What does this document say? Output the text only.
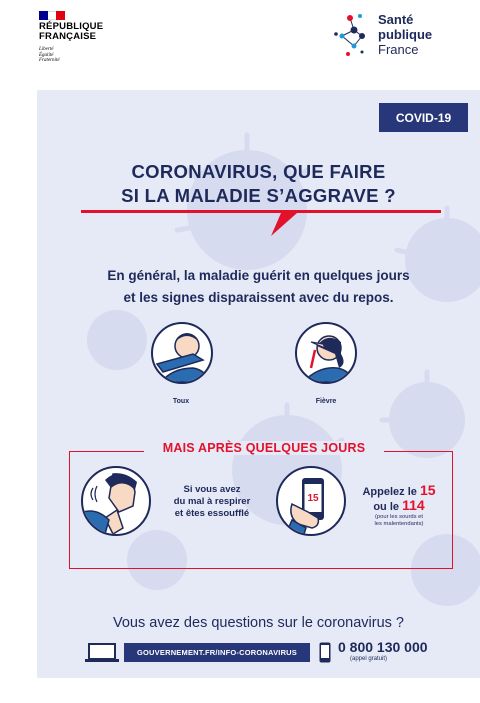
RÉPUBLIQUE
FRANÇAISE
Liberté
Égalité
Fraternité
Santé
publique
France
COVID-19
CORONAVIRUS, QUE FAIRE
SI LA MALADIE S’AGGRAVE ?
En général, la maladie guérit en quelques jours
et les signes disparaissent avec du repos.
Toux	Fièvre
MAIS APRÈS QUELQUES JOURS
Si vous avez
du mal à respirer
et êtes essoufflé
15
Appelez le 15
ou le 114
(pour les sourds et
les malentendants)
Vous avez des questions sur le coronavirus ?
GOUVERNEMENT.FR/INFO-CORONAVIRUS	0 800 130 000
(appel gratuit)
